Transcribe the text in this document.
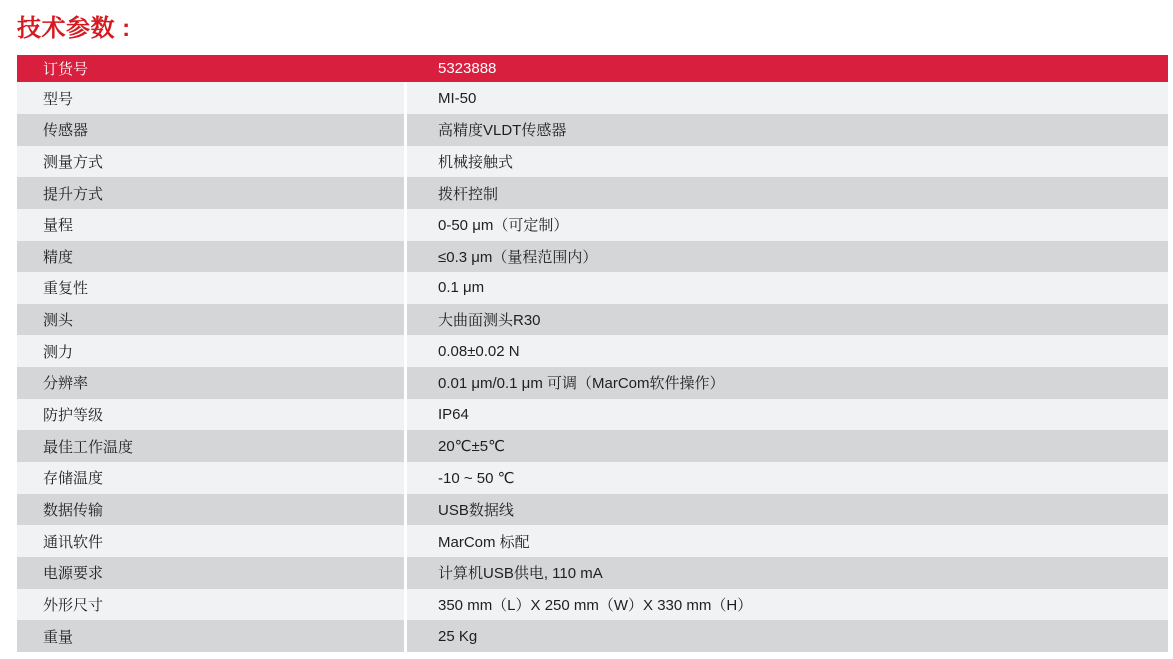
技术参数 :
订货号	5323888
型号	MI-50
传感器	高精度VLDT传感器
测量方式	机械接触式
提升方式	拨杆控制
量程	0-50 μm（可定制）
精度	≤0.3 μm（量程范围内）
重复性	0.1 μm
测头	大曲面测头R30
测力	0.08±0.02 N
分辨率	0.01 μm/0.1 μm 可调（MarCom软件操作）
防护等级	IP64
最佳工作温度	20℃±5℃
存储温度	-10 ~ 50 ℃
数据传输	USB数据线
通讯软件	MarCom 标配
电源要求	计算机USB供电, 110 mA
外形尺寸	350 mm（L）X 250 mm（W）X 330 mm（H）
重量	25 Kg
